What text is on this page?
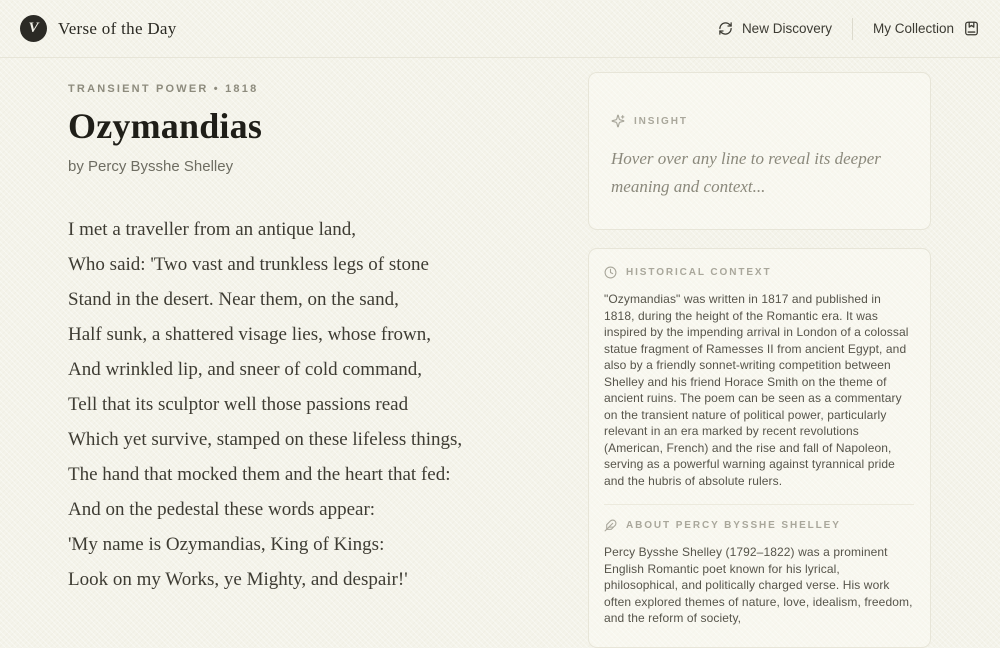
V Verse of the Day	New Discovery	My Collection
TRANSIENT POWER • 1818
Ozymandias
by Percy Bysshe Shelley
I met a traveller from an antique land,
Who said: 'Two vast and trunkless legs of stone
Stand in the desert. Near them, on the sand,
Half sunk, a shattered visage lies, whose frown,
And wrinkled lip, and sneer of cold command,
Tell that its sculptor well those passions read
Which yet survive, stamped on these lifeless things,
The hand that mocked them and the heart that fed:
And on the pedestal these words appear:
'My name is Ozymandias, King of Kings:
Look on my Works, ye Mighty, and despair!'
INSIGHT

Hover over any line to reveal its deeper meaning and context...

HISTORICAL CONTEXT

"Ozymandias" was written in 1817 and published in 1818, during the height of the Romantic era. It was inspired by the impending arrival in London of a colossal statue fragment of Ramesses II from ancient Egypt, and also by a friendly sonnet-writing competition between Shelley and his friend Horace Smith on the theme of ancient ruins. The poem can be seen as a commentary on the transient nature of political power, particularly relevant in an era marked by recent revolutions (American, French) and the rise and fall of Napoleon, serving as a powerful warning against tyrannical pride and the hubris of absolute rulers.

ABOUT PERCY BYSSHE SHELLEY

Percy Bysshe Shelley (1792–1822) was a prominent English Romantic poet known for his lyrical, philosophical, and politically charged verse. His work often explored themes of nature, love, idealism, freedom, and the reform of society,
